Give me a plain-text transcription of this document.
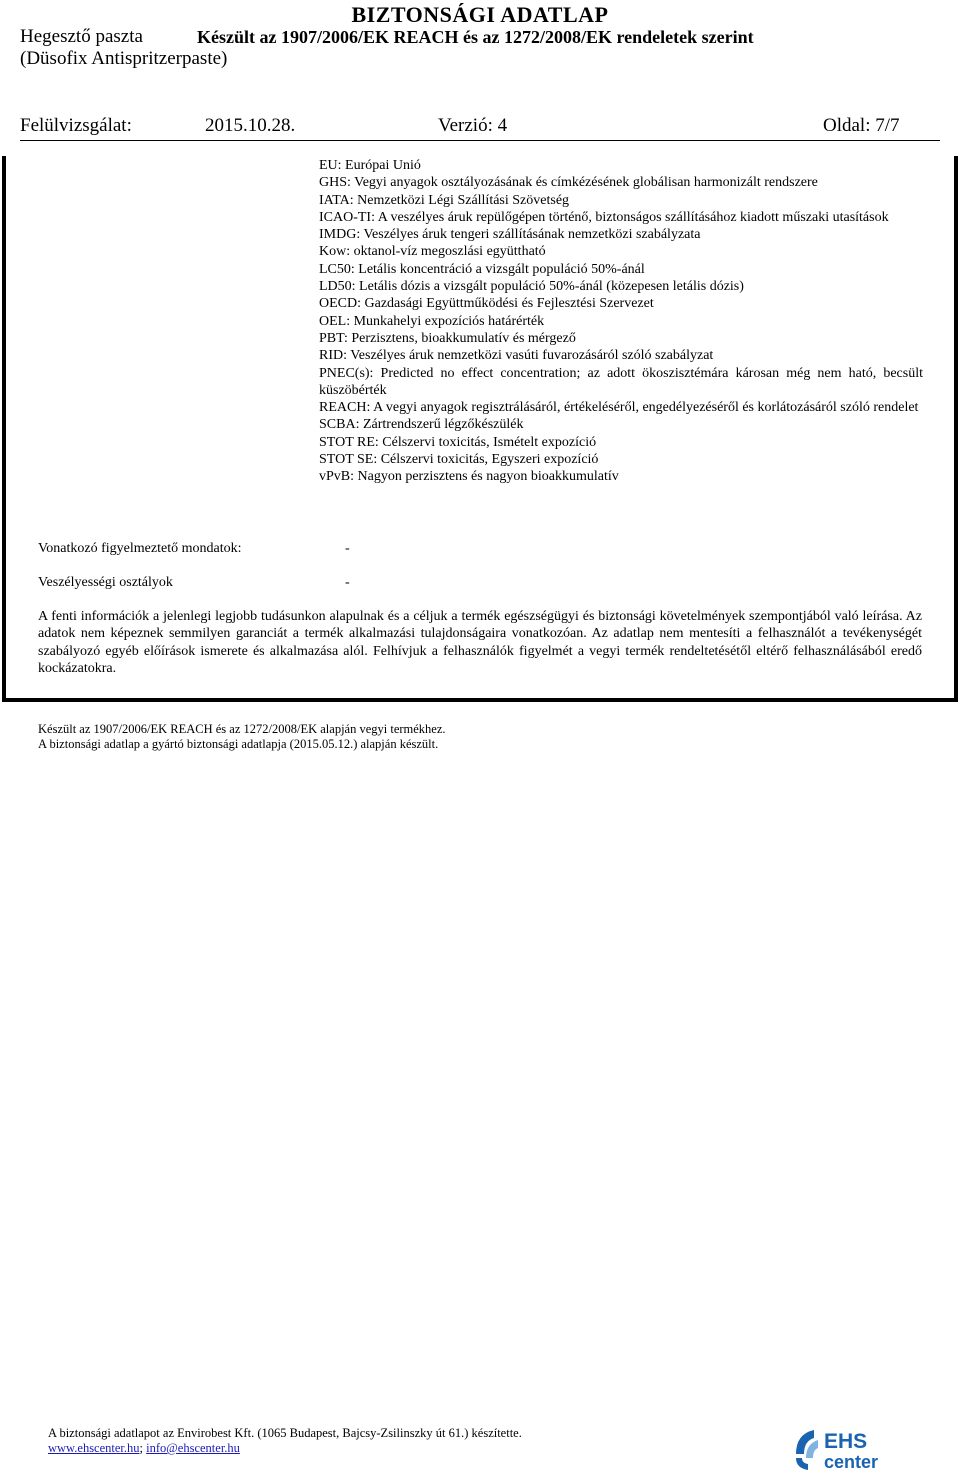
BIZTONSÁGI ADATLAP
Hegesztő paszta
(Düsofix Antispritzerpaste)
Készült az 1907/2006/EK REACH és az 1272/2008/EK rendeletek szerint
Felülvizsgálat:	2015.10.28.	Verzió: 4	Oldal: 7/7
EU: Európai Unió
GHS: Vegyi anyagok osztályozásának és címkézésének globálisan harmonizált rendszere
IATA: Nemzetközi Légi Szállítási Szövetség
ICAO-TI: A veszélyes áruk repülőgépen történő, biztonságos szállításához kiadott műszaki utasítások
IMDG: Veszélyes áruk tengeri szállításának nemzetközi szabályzata
Kow: oktanol-víz megoszlási együttható
LC50: Letális koncentráció a vizsgált populáció 50%-ánál
LD50: Letális dózis a vizsgált populáció 50%-ánál (közepesen letális dózis)
OECD: Gazdasági Együttműködési és Fejlesztési Szervezet
OEL: Munkahelyi expozíciós határérték
PBT: Perzisztens, bioakkumulatív és mérgező
RID: Veszélyes áruk nemzetközi vasúti fuvarozásáról szóló szabályzat
PNEC(s): Predicted no effect concentration; az adott ökoszisztémára károsan még nem ható, becsült küszöbérték
REACH: A vegyi anyagok regisztrálásáról, értékeléséről, engedélyezéséről és korlátozásáról szóló rendelet
SCBA: Zártrendszerű légzőkészülék
STOT RE: Célszervi toxicitás, Ismételt expozíció
STOT SE: Célszervi toxicitás, Egyszeri expozíció
vPvB: Nagyon perzisztens és nagyon bioakkumulatív
Vonatkozó figyelmeztető mondatok:	-
Veszélyességi osztályok	-
A fenti információk a jelenlegi legjobb tudásunkon alapulnak és a céljuk a termék egészségügyi és biztonsági követelmények szempontjából való leírása. Az adatok nem képeznek semmilyen garanciát a termék alkalmazási tulajdonságaira vonatkozóan. Az adatlap nem mentesíti a felhasználót a tevékenységét szabályozó egyéb előírások ismerete és alkalmazása alól. Felhívjuk a felhasználók figyelmét a vegyi termék rendeltetésétől eltérő felhasználásából eredő kockázatokra.
Készült az 1907/2006/EK REACH és az 1272/2008/EK alapján vegyi termékhez.
A biztonsági adatlap a gyártó biztonsági adatlapja (2015.05.12.) alapján készült.
A biztonsági adatlapot az Envirobest Kft. (1065 Budapest, Bajcsy-Zsilinszky út 61.) készítette.
www.ehscenter.hu; info@ehscenter.hu	EHS
center
